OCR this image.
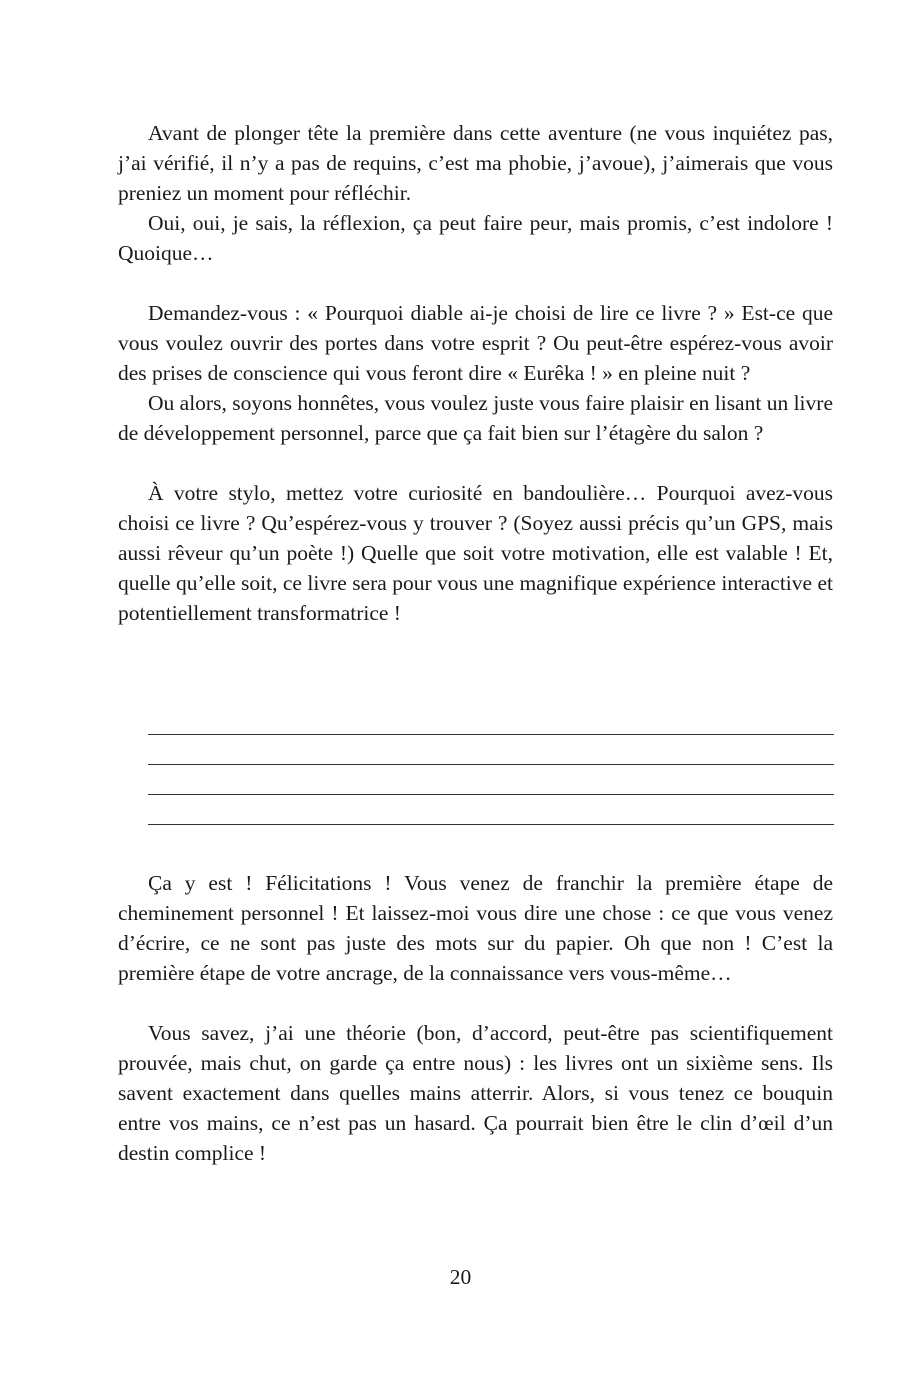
Avant de plonger tête la première dans cette aventure (ne vous inquiétez pas, j’ai vérifié, il n’y a pas de requins, c’est ma phobie, j’avoue), j’aimerais que vous preniez un moment pour réfléchir.

Oui, oui, je sais, la réflexion, ça peut faire peur, mais promis, c’est indolore ! Quoique…

Demandez-vous : « Pourquoi diable ai-je choisi de lire ce livre ? » Est-ce que vous voulez ouvrir des portes dans votre esprit ? Ou peut-être espérez-vous avoir des prises de conscience qui vous feront dire « Eurêka ! » en pleine nuit ?

Ou alors, soyons honnêtes, vous voulez juste vous faire plaisir en lisant un livre de développement personnel, parce que ça fait bien sur l’étagère du salon ?

À votre stylo, mettez votre curiosité en bandoulière… Pourquoi avez-vous choisi ce livre ? Qu’espérez-vous y trouver ? (Soyez aussi précis qu’un GPS, mais aussi rêveur qu’un poète !) Quelle que soit votre motivation, elle est valable ! Et, quelle qu’elle soit, ce livre sera pour vous une magnifique expérience interactive et potentiellement transformatrice !

Ça y est ! Félicitations ! Vous venez de franchir la première étape de cheminement personnel ! Et laissez-moi vous dire une chose : ce que vous venez d’écrire, ce ne sont pas juste des mots sur du papier. Oh que non ! C’est la première étape de votre ancrage, de la connaissance vers vous-même…

Vous savez, j’ai une théorie (bon, d’accord, peut-être pas scientifiquement prouvée, mais chut, on garde ça entre nous) : les livres ont un sixième sens. Ils savent exactement dans quelles mains atterrir. Alors, si vous tenez ce bouquin entre vos mains, ce n’est pas un hasard. Ça pourrait bien être le clin d’œil d’un destin complice !

20
